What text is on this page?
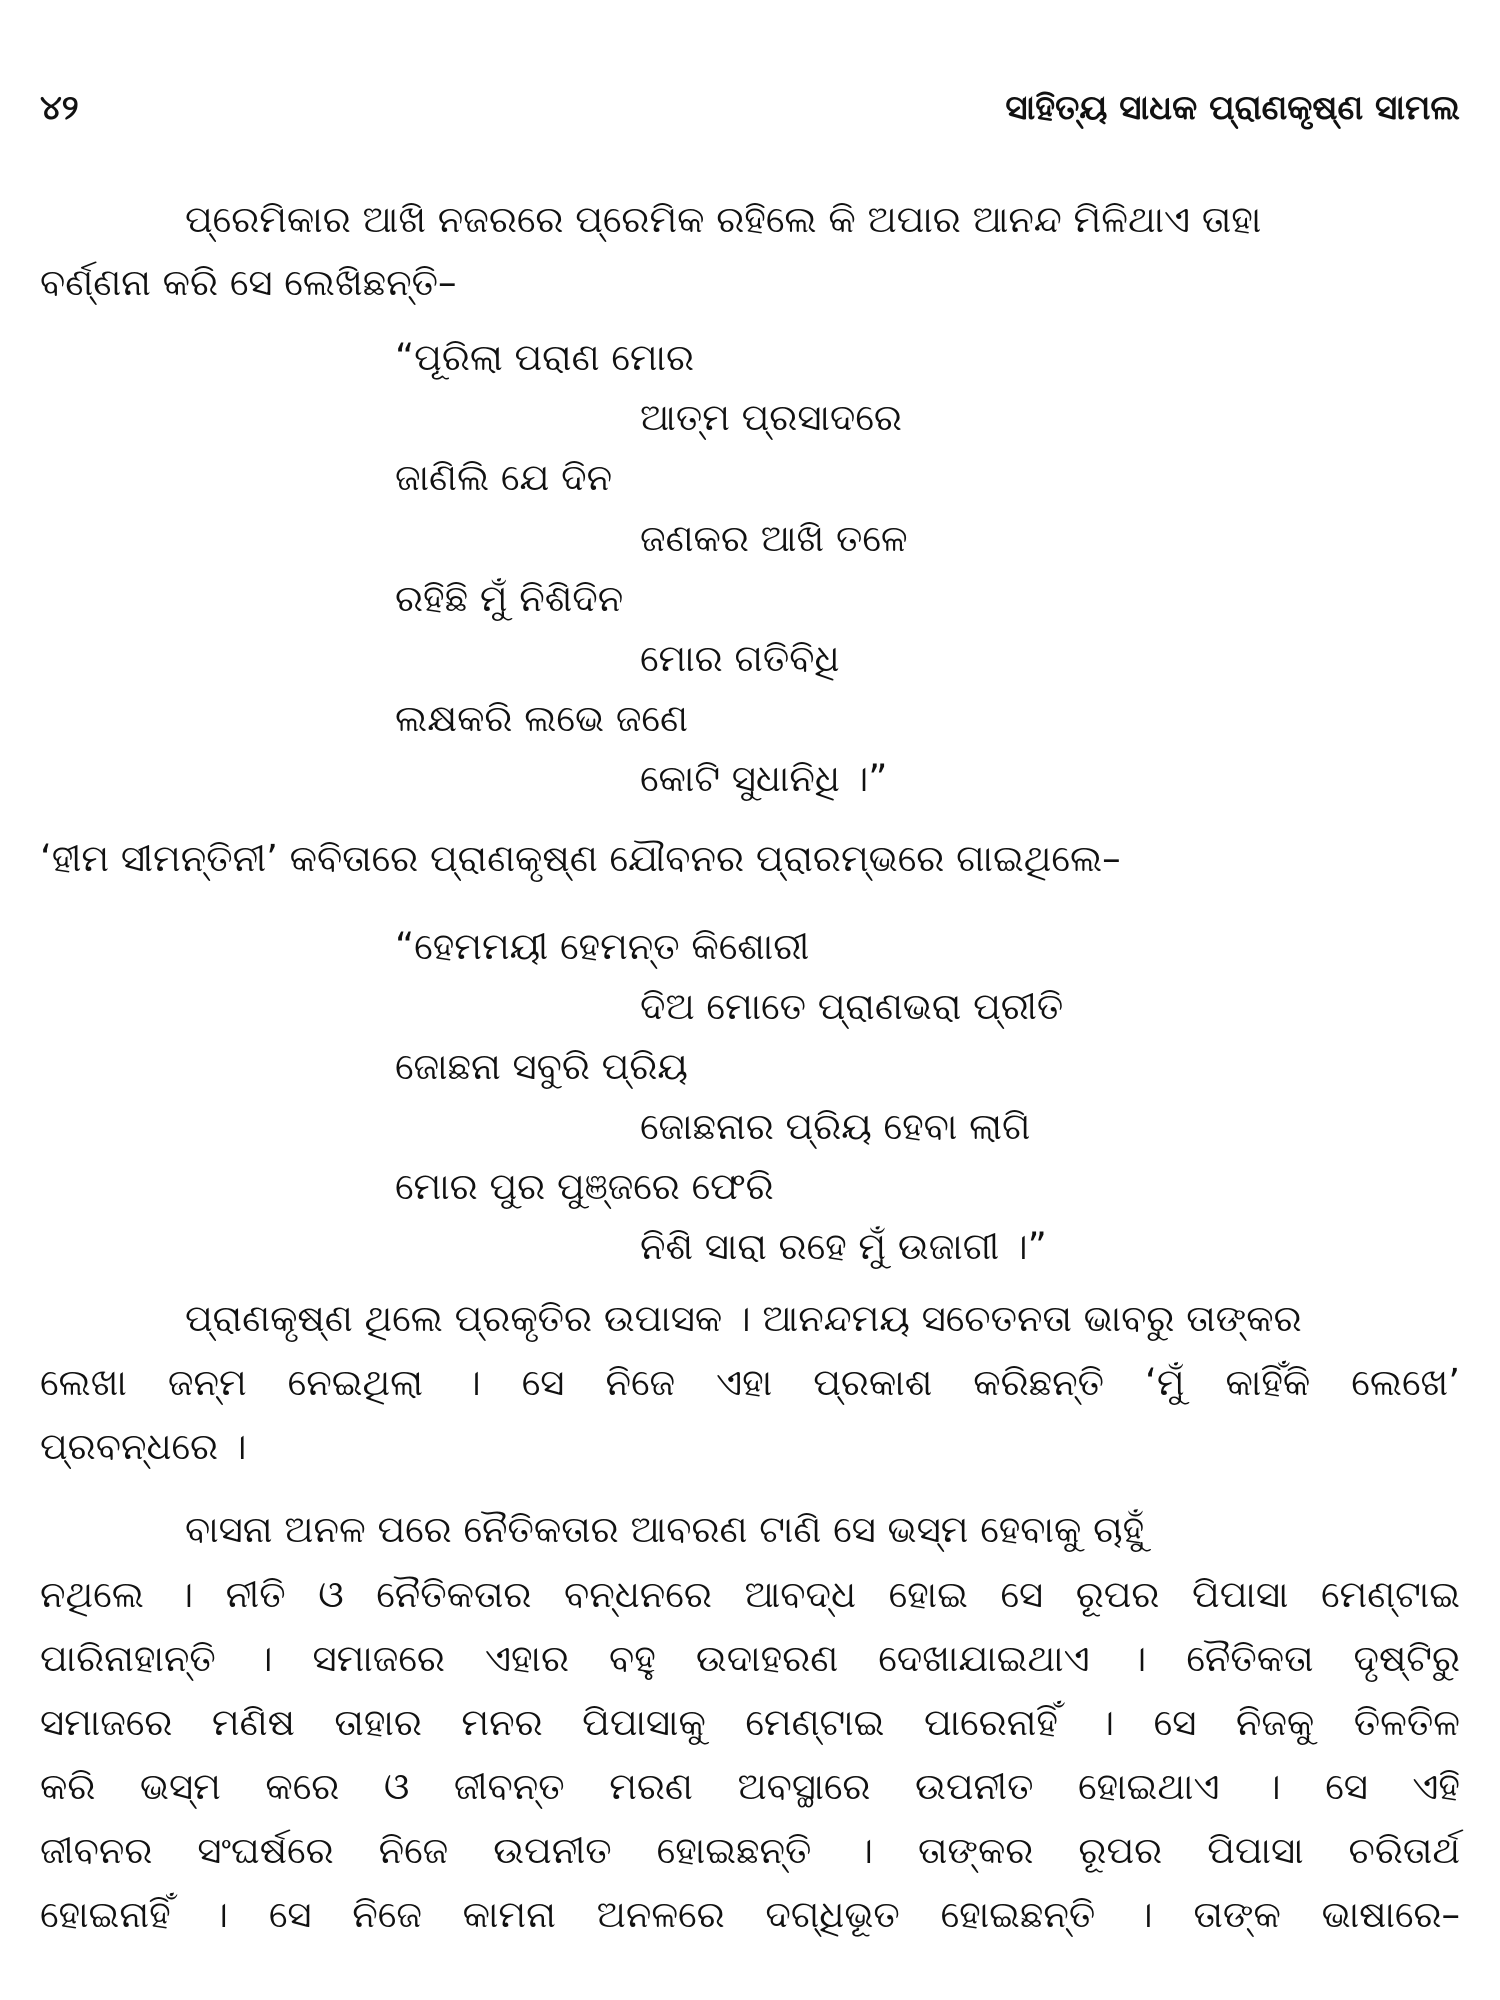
୪୨	ସାହିତ୍ୟ ସାଧକ ପ୍ରାଣକୃଷ୍ଣ ସାମଲ
ପ୍ରେମିକାର ଆଖି ନଜରରେ ପ୍ରେମିକ ରହିଲେ କି ଅପାର ଆନନ୍ଦ ମିଳିଥାଏ ତାହା
ବର୍ଣ୍ଣନା କରି ସେ ଲେଖିଛନ୍ତି–
“ପୂରିଲା ପରାଣ ମୋର
ଆତ୍ମ ପ୍ରସାଦରେ
ଜାଣିଲି ଯେ ଦିନ
ଜଣକର ଆଖି ତଳେ
ରହିଛି ମୁଁ ନିଶିଦିନ
ମୋର ଗତିବିଧି
ଲକ୍ଷକରି ଲଭେ ଜଣେ
କୋଟି ସୁଧାନିଧି ।”
‘ହୀମ ସୀମନ୍ତିନୀ’ କବିତାରେ ପ୍ରାଣକୃଷ୍ଣ ଯୌବନର ପ୍ରାରମ୍ଭରେ ଗାଇଥିଲେ–
“ହେମମୟୀ ହେମନ୍ତ କିଶୋରୀ
ଦିଅ ମୋତେ ପ୍ରାଣଭରା ପ୍ରୀତି
ଜୋଛନା ସବୁରି ପ୍ରିୟ
ଜୋଛନାର ପ୍ରିୟ ହେବା ଲାଗି
ମୋର ପୁର ପୁଞ୍ଜରେ ଫେରି
ନିଶି ସାରା ରହେ ମୁଁ ଉଜାଗୀ ।”
ପ୍ରାଣକୃଷ୍ଣ ଥିଲେ ପ୍ରକୃତିର ଉପାସକ । ଆନନ୍ଦମୟ ସଚେତନତା ଭାବରୁ ତାଙ୍କର
ଲେଖା ଜନ୍ମ ନେଇଥିଲା । ସେ ନିଜେ ଏହା ପ୍ରକାଶ କରିଛନ୍ତି ‘ମୁଁ କାହିଁକି ଲେଖେ’
ପ୍ରବନ୍ଧରେ ।
ବାସନା ଅନଳ ପରେ ନୈତିକତାର ଆବରଣ ଟାଣି ସେ ଭସ୍ମ ହେବାକୁ ଚାହୁଁ
ନଥିଲେ । ନୀତି ଓ ନୈତିକତାର ବନ୍ଧନରେ ଆବଦ୍ଧ ହୋଇ ସେ ରୂପର ପିପାସା ମେଣ୍ଟାଇ
ପାରିନାହାନ୍ତି । ସମାଜରେ ଏହାର ବହୁ ଉଦାହରଣ ଦେଖାଯାଇଥାଏ । ନୈତିକତା ଦୃଷ୍ଟିରୁ
ସମାଜରେ ମଣିଷ ତାହାର ମନର ପିପାସାକୁ ମେଣ୍ଟାଇ ପାରେନାହିଁ । ସେ ନିଜକୁ ତିଳତିଳ
କରି ଭସ୍ମ କରେ ଓ ଜୀବନ୍ତ ମରଣ ଅବସ୍ଥାରେ ଉପନୀତ ହୋଇଥାଏ । ସେ ଏହି
ଜୀବନର ସଂଘର୍ଷରେ ନିଜେ ଉପନୀତ ହୋଇଛନ୍ତି । ତାଙ୍କର ରୂପର ପିପାସା ଚରିତାର୍ଥ
ହୋଇନାହିଁ । ସେ ନିଜେ କାମନା ଅନଳରେ ଦଗ୍ଧିଭୂତ ହୋଇଛନ୍ତି । ତାଙ୍କ ଭାଷାରେ–
